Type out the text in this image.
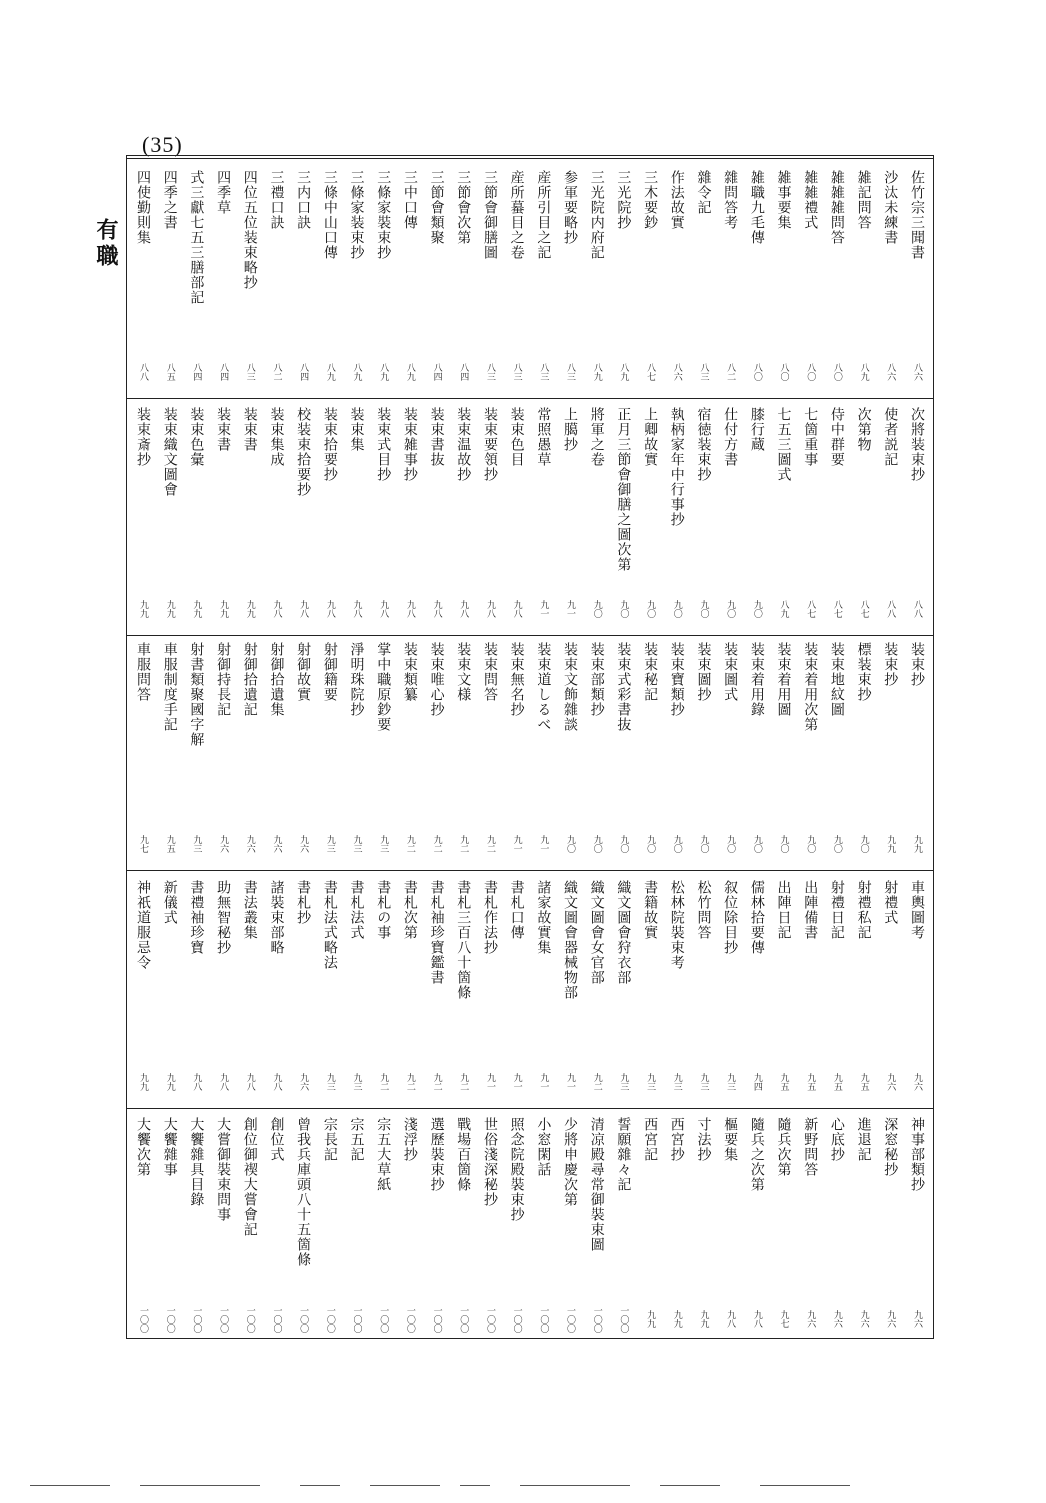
(35)
有職	佐竹宗三聞書
八六
沙汰未練書
八六
雑記問答
八九
雑雑雑問答
八〇
雑雑禮式
八〇
雑事要集
八〇
雑職九毛傳
八〇
雜問答考
八二
雜令記
八三
作法故實
八六
三木要鈔
八七
三光院抄
八九
三光院内府記
八九
参軍要略抄
八三
産所引目之記
八三
産所蟇目之卷
八三
三節會御膳圖
八三
三節會次第
八四
三節會類聚
八四
三中口傳
八九
三條家裝束抄
八九
三條家装束抄
八九
三條中山口傳
八九
三内口訣
八四
三禮口訣
八二
四位五位装束略抄
八三
四季草
八四
式三獻七五三膳部記
八四
四季之書
八五
四使勤則集
八八
次將装束抄
八八
使者説記
八八
次第物
八七
侍中群要
八七
七箇重事
八七
七五三圖式
八九
膝行蔵
九〇
仕付方書
九〇
宿徳装束抄
九〇
執柄家年中行事抄
九〇
上卿故實
九〇
正月三節會御膳之圖次第
九〇
將軍之卷
九〇
上臈抄
九一
常照愚草
九一
装束色目
九八
装束要領抄
九八
装束温故抄
九八
装束書抜
九八
装束雑事抄
九八
装束式目抄
九八
装束集
九八
装束拾要抄
九八
校装束拾要抄
九八
装束集成
九八
装束書
九九
装束書
九九
装束色彙
九九
装束織文圖會
九九
装束斎抄
九九
装束抄
九九
装束抄
九九
標装束抄
九〇
装束地紋圖
九〇
装束着用次第
九〇
装束着用圖
九〇
装束着用錄
九〇
装束圖式
九〇
装束圖抄
九〇
装束寶類抄
九〇
装束秘記
九〇
装束式彩書抜
九〇
装束部類抄
九〇
装束文飾雜談
九〇
装束道しるべ
九一
装束無名抄
九一
装束問答
九二
装束文様
九二
装束唯心抄
九二
装束類纂
九二
掌中職原鈔要
九三
淨明珠院抄
九三
射御籍要
九三
射御故實
九六
射御拾遺集
九六
射御拾遺記
九六
射御持長記
九六
射書類聚國字解
九三
車服制度手記
九五
車服問答
九七
車輿圖考
九六
射禮式
九六
射禮私記
九五
射禮日記
九五
出陣備書
九五
出陣日記
九五
儒林拾要傳
九四
叙位除目抄
九三
松竹問答
九三
松林院裝束考
九三
書籍故實
九三
織文圖會狩衣部
九三
織文圖會女官部
九二
織文圖會器械物部
九一
諸家故實集
九一
書札口傳
九一
書札作法抄
九一
書札三百八十箇條
九二
書札袖珍寶鑑書
九二
書札次第
九二
書札の事
九二
書札法式
九三
書札法式略法
九三
書札抄
九六
諸裝束部略
九八
書法叢集
九八
助無智秘抄
九八
書禮袖珍寶
九八
新儀式
九九
神祇道服忌令
九九
神事部類抄
九六
深窓秘抄
九六
進退記
九六
心底抄
九六
新野問答
九六
隨兵次第
九七
隨兵之次第
九八
樞要集
九八
寸法抄
九九
西宮抄
九九
西宮記
九九
誓願雜々記
一〇〇
清凉殿尋常御裝束圖
一〇〇
少將申慶次第
一〇〇
小窓閑話
一〇〇
照念院殿裝束抄
一〇〇
世俗淺深秘抄
一〇〇
戰場百箇條
一〇〇
選歷裝束抄
一〇〇
淺浮抄
一〇〇
宗五大草紙
一〇〇
宗五記
一〇〇
宗長記
一〇〇
曾我兵庫頭八十五箇條
一〇〇
創位式
一〇〇
創位御禊大嘗會記
一〇〇
大嘗御裝束問事
一〇〇
大饗雜具目錄
一〇〇
大饗雜事
一〇〇
大饗次第
一〇〇
